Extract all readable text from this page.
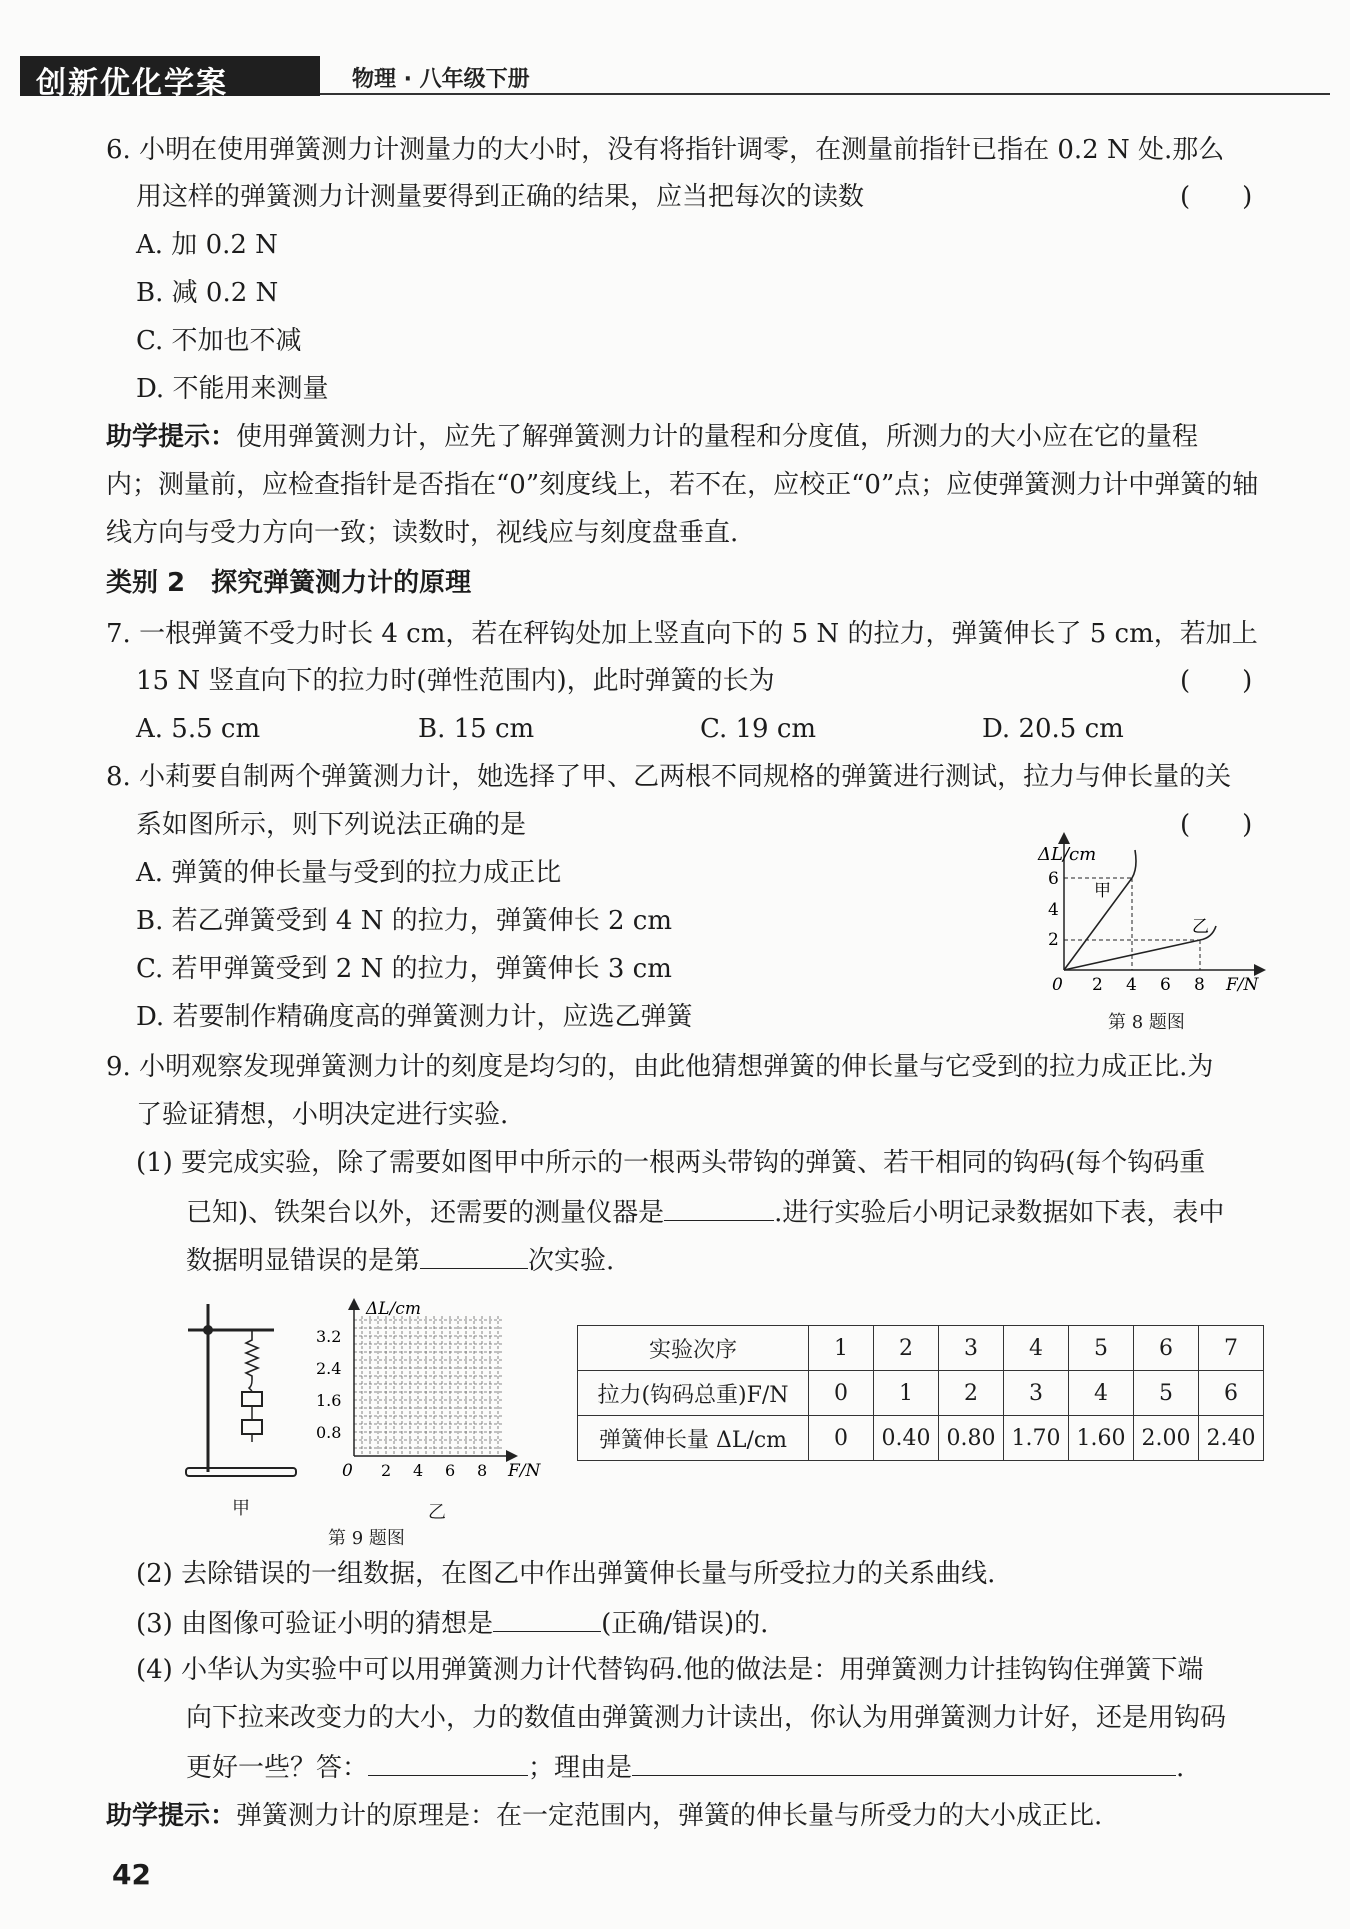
创新优化学案	物理 · 八年级下册
6. 小明在使用弹簧测力计测量力的大小时，没有将指针调零，在测量前指针已指在 0.2 N 处.那么
用这样的弹簧测力计测量要得到正确的结果，应当把每次的读数	(　　)
A. 加 0.2 N
B. 减 0.2 N
C. 不加也不减
D. 不能用来测量
助学提示：使用弹簧测力计，应先了解弹簧测力计的量程和分度值，所测力的大小应在它的量程
内；测量前，应检查指针是否指在“0”刻度线上，若不在，应校正“0”点；应使弹簧测力计中弹簧的轴
线方向与受力方向一致；读数时，视线应与刻度盘垂直.
类别 2　探究弹簧测力计的原理
7. 一根弹簧不受力时长 4 cm，若在秤钩处加上竖直向下的 5 N 的拉力，弹簧伸长了 5 cm，若加上
15 N 竖直向下的拉力时(弹性范围内)，此时弹簧的长为	(　　)
A. 5.5 cm	B. 15 cm	C. 19 cm	D. 20.5 cm
8. 小莉要自制两个弹簧测力计，她选择了甲、乙两根不同规格的弹簧进行测试，拉力与伸长量的关
系如图所示，则下列说法正确的是	(　　)
A. 弹簧的伸长量与受到的拉力成正比
B. 若乙弹簧受到 4 N 的拉力，弹簧伸长 2 cm
C. 若甲弹簧受到 2 N 的拉力，弹簧伸长 3 cm
D. 若要制作精确度高的弹簧测力计，应选乙弹簧
ΔL/cm
F/N
0
2
4
6
2 4 6 8
甲
乙
第 8 题图
9. 小明观察发现弹簧测力计的刻度是均匀的，由此他猜想弹簧的伸长量与它受到的拉力成正比.为
了验证猜想，小明决定进行实验.
(1) 要完成实验，除了需要如图甲中所示的一根两头带钩的弹簧、若干相同的钩码(每个钩码重
已知)、铁架台以外，还需要的测量仪器是	.进行实验后小明记录数据如下表，表中
数据明显错误的是第	次实验.
甲
ΔL/cm
F/N
0
0.8
1.6
2.4
3.2
2 4 6 8
乙
第 9 题图
实验次序	1	2	3	4	5	6	7
拉力(钩码总重)F/N	0	1	2	3	4	5	6
弹簧伸长量 ΔL/cm	0	0.40	0.80	1.70	1.60	2.00	2.40
(2) 去除错误的一组数据，在图乙中作出弹簧伸长量与所受拉力的关系曲线.
(3) 由图像可验证小明的猜想是	(正确/错误)的.
(4) 小华认为实验中可以用弹簧测力计代替钩码.他的做法是：用弹簧测力计挂钩钩住弹簧下端
向下拉来改变力的大小，力的数值由弹簧测力计读出，你认为用弹簧测力计好，还是用钩码
更好一些？答：	；理由是	.
助学提示：弹簧测力计的原理是：在一定范围内，弹簧的伸长量与所受力的大小成正比.
42
